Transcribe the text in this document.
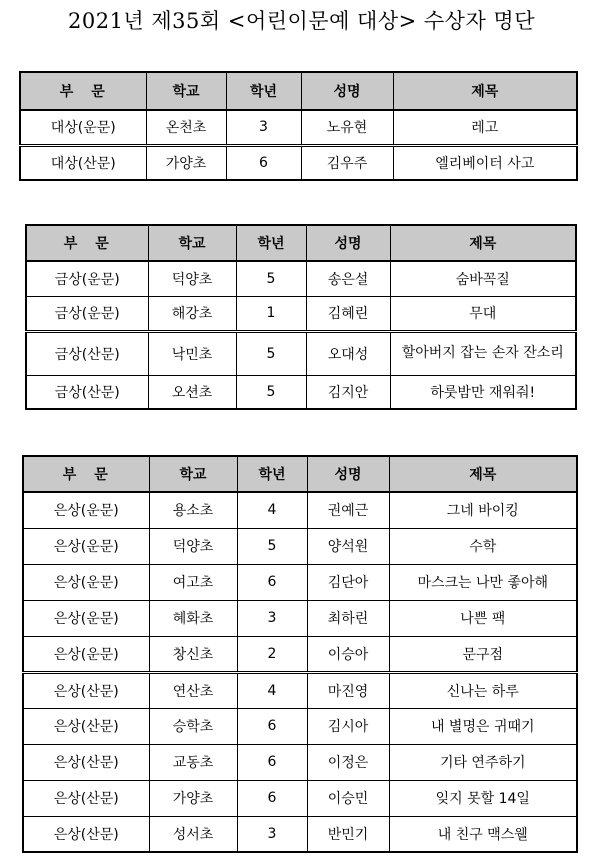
2021년 제35회 <어린이문예 대상> 수상자 명단
부　문	학교	학년	성명	제목
대상(운문)	온천초	3	노유현	레고
대상(산문)	가양초	6	김우주	엘리베이터 사고
부　문	학교	학년	성명	제목
금상(운문)	덕양초	5	송은설	숨바꼭질
금상(운문)	해강초	1	김혜린	무대
금상(산문)	낙민초	5	오대성	할아버지 잡는 손자 잔소리
금상(산문)	오션초	5	김지안	하룻밤만 재워줘!
부　문	학교	학년	성명	제목
은상(운문)	용소초	4	권예근	그네 바이킹
은상(운문)	덕양초	5	양석원	수학
은상(운문)	여고초	6	김단아	마스크는 나만 좋아해
은상(운문)	혜화초	3	최하린	나쁜 팩
은상(운문)	창신초	2	이승아	문구점
은상(산문)	연산초	4	마진영	신나는 하루
은상(산문)	승학초	6	김시아	내 별명은 귀때기
은상(산문)	교동초	6	이정은	기타 연주하기
은상(산문)	가양초	6	이승민	잊지 못할 14일
은상(산문)	성서초	3	반민기	내 친구 맥스웰
